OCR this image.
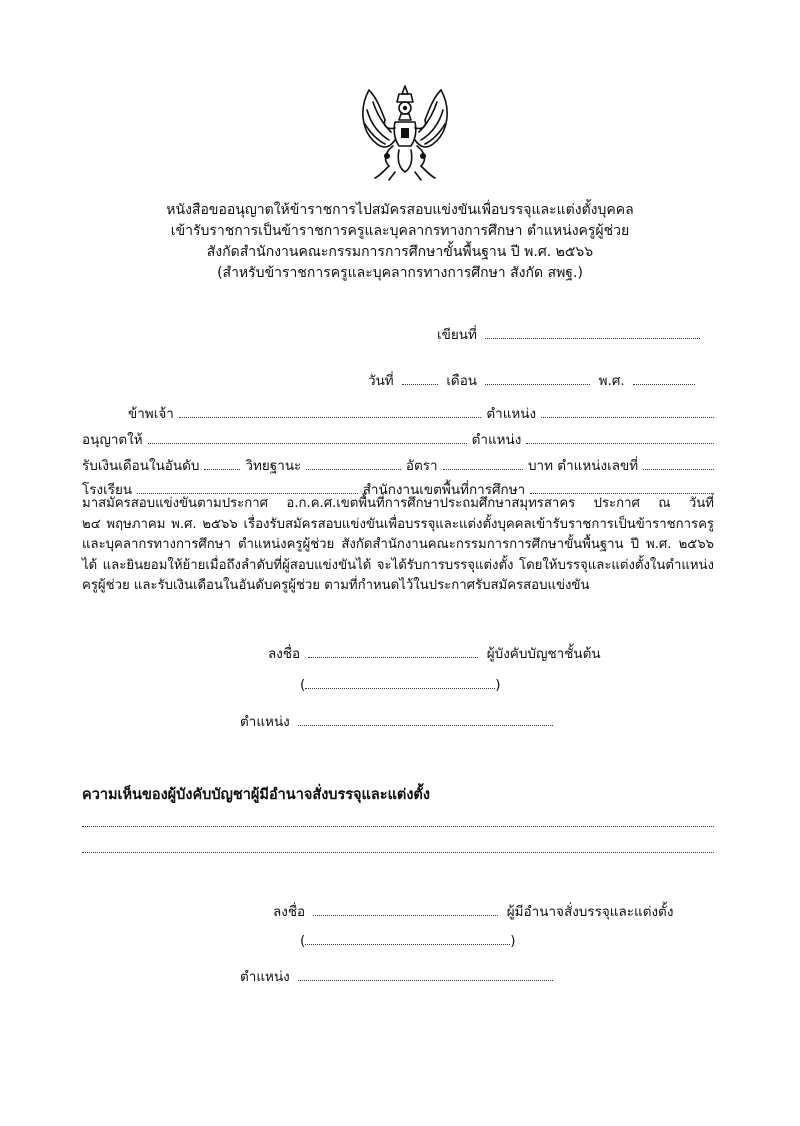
หนังสือขออนุญาตให้ข้าราชการไปสมัครสอบแข่งขันเพื่อบรรจุและแต่งตั้งบุคคล
เข้ารับราชการเป็นข้าราชการครูและบุคลากรทางการศึกษา ตำแหน่งครูผู้ช่วย
สังกัดสำนักงานคณะกรรมการการศึกษาขั้นพื้นฐาน ปี พ.ศ. ๒๕๖๖
(สำหรับข้าราชการครูและบุคลากรทางการศึกษา สังกัด สพฐ.)
เขียนที่
วันที่	เดือน	พ.ศ.
ข้าพเจ้า	ตำแหน่ง
อนุญาตให้	ตำแหน่ง
รับเงินเดือนในอันดับ	วิทยฐานะ	อัตรา	บาท ตำแหน่งเลขที่
โรงเรียน	สำนักงานเขตพื้นที่การศึกษา
มาสมัครสอบแข่งขันตามประกาศ อ.ก.ค.ศ.เขตพื้นที่การศึกษาประถมศึกษาสมุทรสาคร ประกาศ ณ วันที่
๒๔ พฤษภาคม พ.ศ. ๒๕๖๖ เรื่องรับสมัครสอบแข่งขันเพื่อบรรจุและแต่งตั้งบุคคลเข้ารับราชการเป็นข้าราชการครู
และบุคลากรทางการศึกษา ตำแหน่งครูผู้ช่วย สังกัดสำนักงานคณะกรรมการการศึกษาขั้นพื้นฐาน ปี พ.ศ. ๒๕๖๖
ได้ และยินยอมให้ย้ายเมื่อถึงลำดับที่ผู้สอบแข่งขันได้ จะได้รับการบรรจุแต่งตั้ง โดยให้บรรจุและแต่งตั้งในตำแหน่ง
ครูผู้ช่วย และรับเงินเดือนในอันดับครูผู้ช่วย ตามที่กำหนดไว้ในประกาศรับสมัครสอบแข่งขัน
ลงชื่อ	ผู้บังคับบัญชาชั้นต้น
(	)
ตำแหน่ง
ความเห็นของผู้บังคับบัญชาผู้มีอำนาจสั่งบรรจุและแต่งตั้ง
ลงชื่อ	ผู้มีอำนาจสั่งบรรจุและแต่งตั้ง
(	)
ตำแหน่ง
